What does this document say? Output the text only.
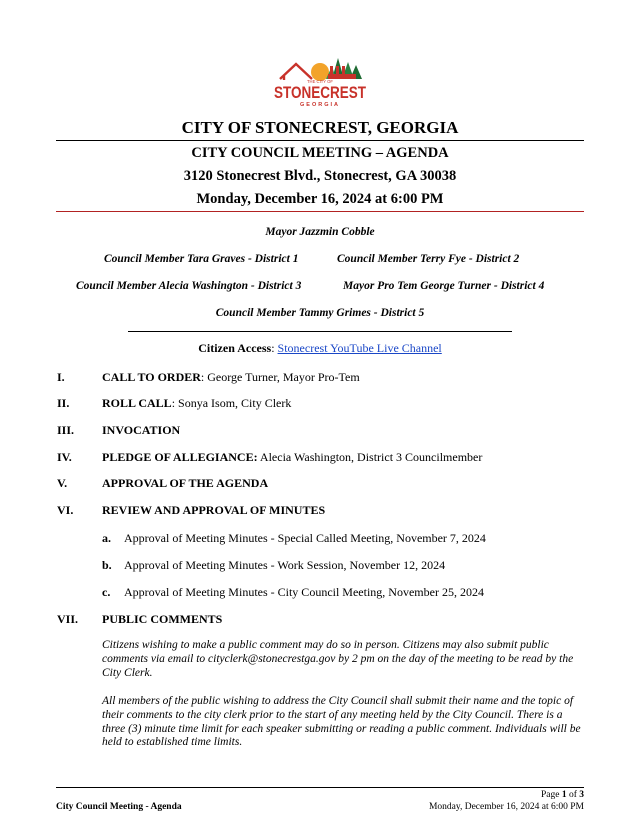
THE CITY OF
STONECREST
GEORGIA
CITY OF STONECREST, GEORGIA
CITY COUNCIL MEETING – AGENDA
3120 Stonecrest Blvd., Stonecrest, GA 30038
Monday, December 16, 2024 at 6:00 PM
Mayor Jazzmin Cobble
Council Member Tara Graves - District 1	Council Member Terry Fye - District 2
Council Member Alecia Washington - District 3	Mayor Pro Tem George Turner - District 4
Council Member Tammy Grimes - District 5
Citizen Access: Stonecrest YouTube Live Channel
I.	CALL TO ORDER: George Turner, Mayor Pro-Tem
II.	ROLL CALL: Sonya Isom, City Clerk
III. INVOCATION
IV.	PLEDGE OF ALLEGIANCE: Alecia Washington, District 3 Councilmember
V.	APPROVAL OF THE AGENDA
VI. REVIEW AND APPROVAL OF MINUTES
a. Approval of Meeting Minutes - Special Called Meeting, November 7, 2024
b. Approval of Meeting Minutes - Work Session, November 12, 2024
c. Approval of Meeting Minutes - City Council Meeting, November 25, 2024
VII. PUBLIC COMMENTS
Citizens wishing to make a public comment may do so in person. Citizens may also submit public comments via email to cityclerk@stonecrestga.gov by 2 pm on the day of the meeting to be read by the City Clerk.
All members of the public wishing to address the City Council shall submit their name and the topic of their comments to the city clerk prior to the start of any meeting held by the City Council. There is a three (3) minute time limit for each speaker submitting or reading a public comment. Individuals will be held to established time limits.
Page 1 of 3
City Council Meeting - Agenda	Monday, December 16, 2024 at 6:00 PM
